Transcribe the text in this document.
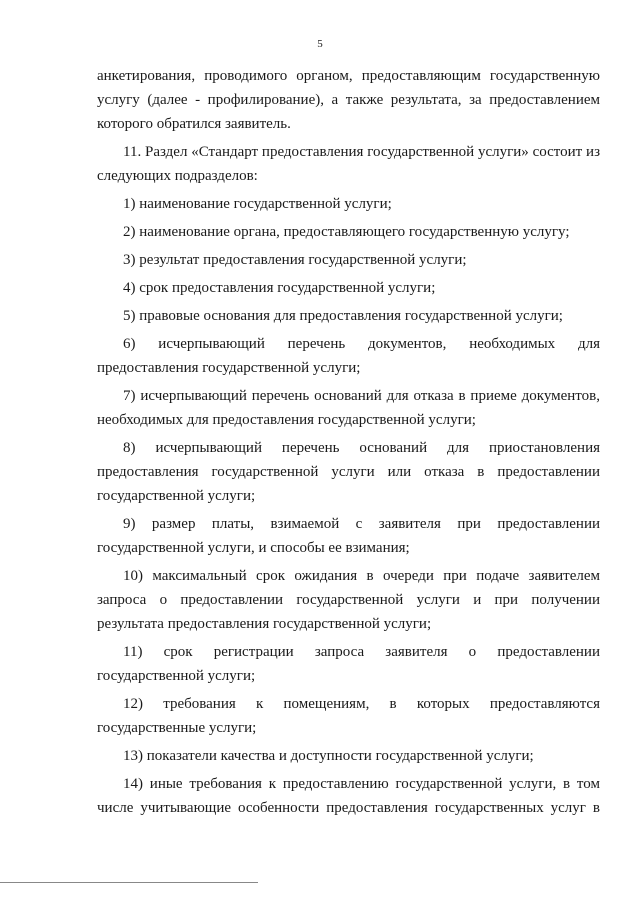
5

анкетирования, проводимого органом, предоставляющим государственную услугу (далее - профилирование), а также результата, за предоставлением которого обратился заявитель.

11. Раздел «Стандарт предоставления государственной услуги» состоит из следующих подразделов:

1) наименование государственной услуги;

2) наименование органа, предоставляющего государственную услугу;

3) результат предоставления государственной услуги;

4) срок предоставления государственной услуги;

5) правовые основания для предоставления государственной услуги;

6) исчерпывающий перечень документов, необходимых для предоставления государственной услуги;

7) исчерпывающий перечень оснований для отказа в приеме документов, необходимых для предоставления государственной услуги;

8) исчерпывающий перечень оснований для приостановления предоставления государственной услуги или отказа в предоставлении государственной услуги;

9) размер платы, взимаемой с заявителя при предоставлении государственной услуги, и способы ее взимания;

10) максимальный срок ожидания в очереди при подаче заявителем запроса о предоставлении государственной услуги и при получении результата предоставления государственной услуги;

11) срок регистрации запроса заявителя о предоставлении государственной услуги;

12) требования к помещениям, в которых предоставляются государственные услуги;

13) показатели качества и доступности государственной услуги;

14) иные требования к предоставлению государственной услуги, в том числе учитывающие особенности предоставления государственных услуг в
